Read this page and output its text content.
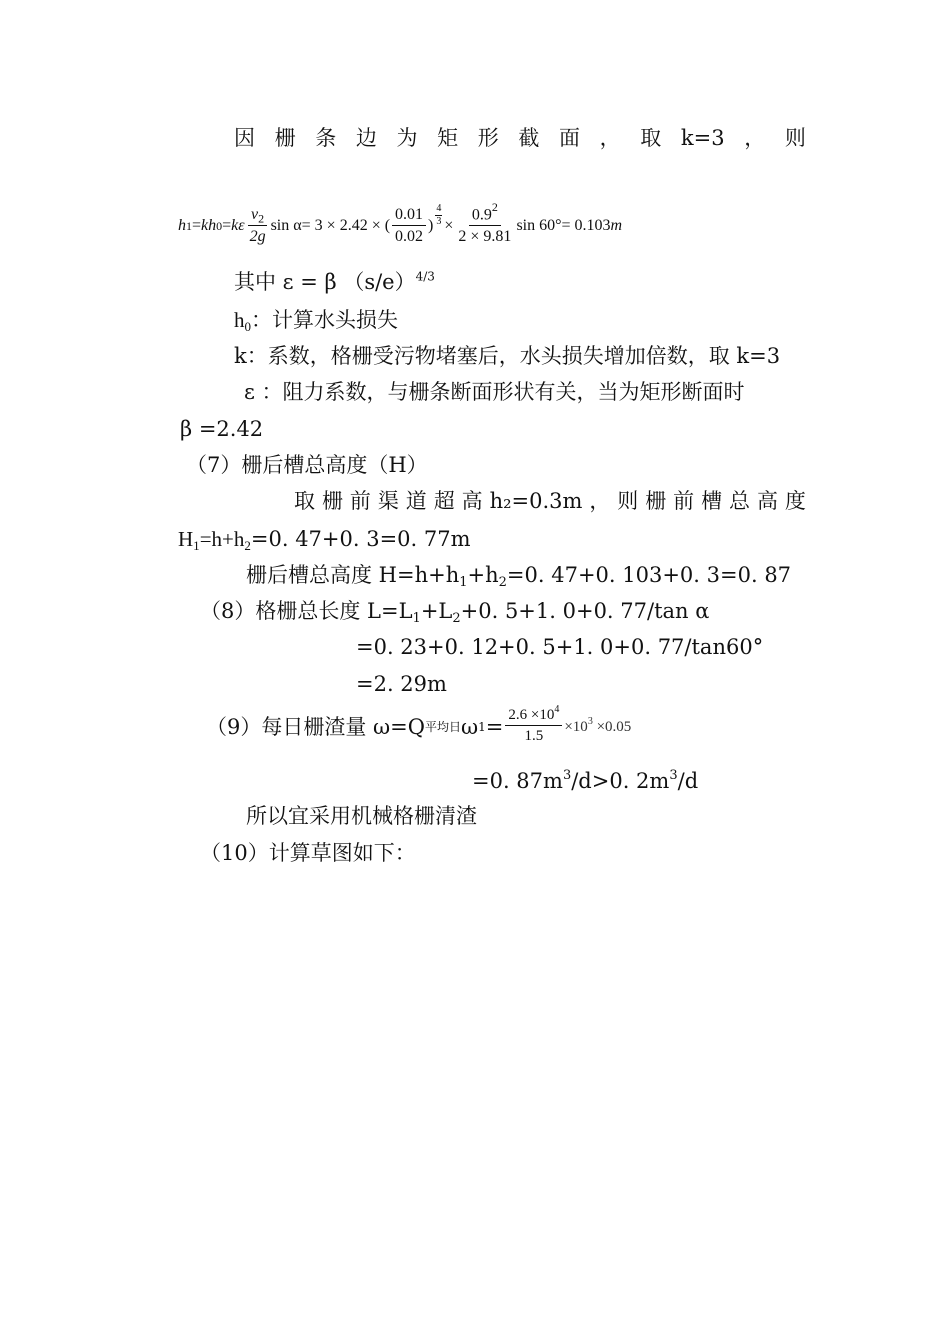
因 栅 条 边 为 矩 形 截 面 ， 取 k=3 ， 则
h 1 = k h 0 = kε $\frac{v_2}{2g}$ sin α = 3 × 2.42 × ( $\frac{0.01}{0.02}$ ) $\frac{4}{3} \times \frac{0.9^2}{2 \times 9.81}$ sin 60° = 0.103 m
其中 ε = β $(s/e)^{4/3}$
$h_0$：计算水头损失
k：系数，格栅受污物堵塞后，水头损失增加倍数，取 k=3
ε ：阻力系数，与栅条断面形状有关，当为矩形断面时
β =2.42
（7）栅后槽总高度（H）
取 栅 前 渠 道 超 高 h₂=0.3m ， 则 栅 前 槽 总 高 度
$H_1=h+h_2=0$. 47+0. 3=0. 77m
栅后槽总高度 $H=h+h_1+h_2=0$. 47+0. 103+0. 3=0. 87
（8）格栅总长度 $L=L_1+L_2+0$. 5+1. 0+0. 77/tan α
=0. 23+0. 12+0. 5+1. 0+0. 77/tan60°
=2. 29m
（9）每日栅渣量 ω=Q 平均日 ω $1 = \frac{2.6 \times 10^4}{1.5} \times 10^3 \times 0.05$
=0. $87m^3/d>0$. $2m^3/d$
所以宜采用机械格栅清渣
（10）计算草图如下：
